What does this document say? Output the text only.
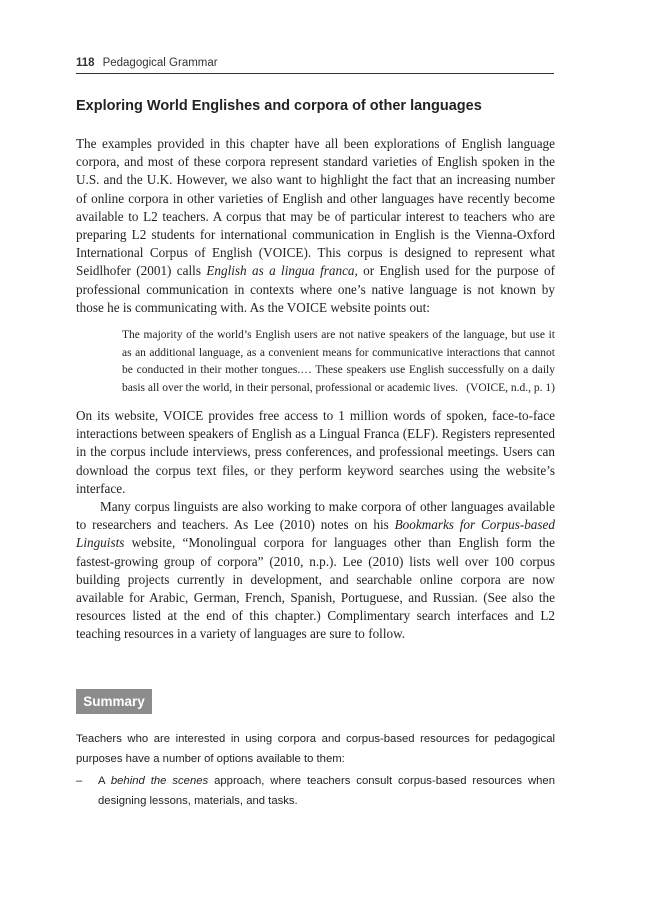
118 Pedagogical Grammar
Exploring World Englishes and corpora of other languages

The examples provided in this chapter have all been explorations of English language corpora, and most of these corpora represent standard varieties of English spoken in the U.S. and the U.K. However, we also want to highlight the fact that an increasing number of online corpora in other varieties of English and other languages have recently become available to L2 teachers. A corpus that may be of particular interest to teachers who are preparing L2 students for international communication in English is the Vienna-Oxford International Corpus of English (VOICE). This corpus is designed to represent what Seidlhofer (2001) calls English as a lingua franca, or English used for the purpose of professional communication in contexts where one’s native language is not known by those he is communicating with. As the VOICE website points out:

The majority of the world’s English users are not native speakers of the language, but use it as an additional language, as a convenient means for communicative interactions that cannot be conducted in their mother tongues.… These speakers use English successfully on a daily basis all over the world, in their personal, professional or academic lives. (VOICE, n.d., p. 1)

On its website, VOICE provides free access to 1 million words of spoken, face-to-face interactions between speakers of English as a Lingual Franca (ELF). Registers represented in the corpus include interviews, press conferences, and professional meetings. Users can download the corpus text files, or they perform keyword searches using the website’s interface.

Many corpus linguists are also working to make corpora of other languages available to researchers and teachers. As Lee (2010) notes on his Bookmarks for Corpus-based Linguists website, “Monolingual corpora for languages other than English form the fastest-growing group of corpora” (2010, n.p.). Lee (2010) lists well over 100 corpus building projects currently in development, and searchable online corpora are now available for Arabic, German, French, Spanish, Portuguese, and Russian. (See also the resources listed at the end of this chapter.) Complimentary search interfaces and L2 teaching resources in a variety of languages are sure to follow.

Summary

Teachers who are interested in using corpora and corpus-based resources for pedagogical purposes have a number of options available to them:

–	A behind the scenes approach, where teachers consult corpus-based resources when designing lessons, materials, and tasks.
